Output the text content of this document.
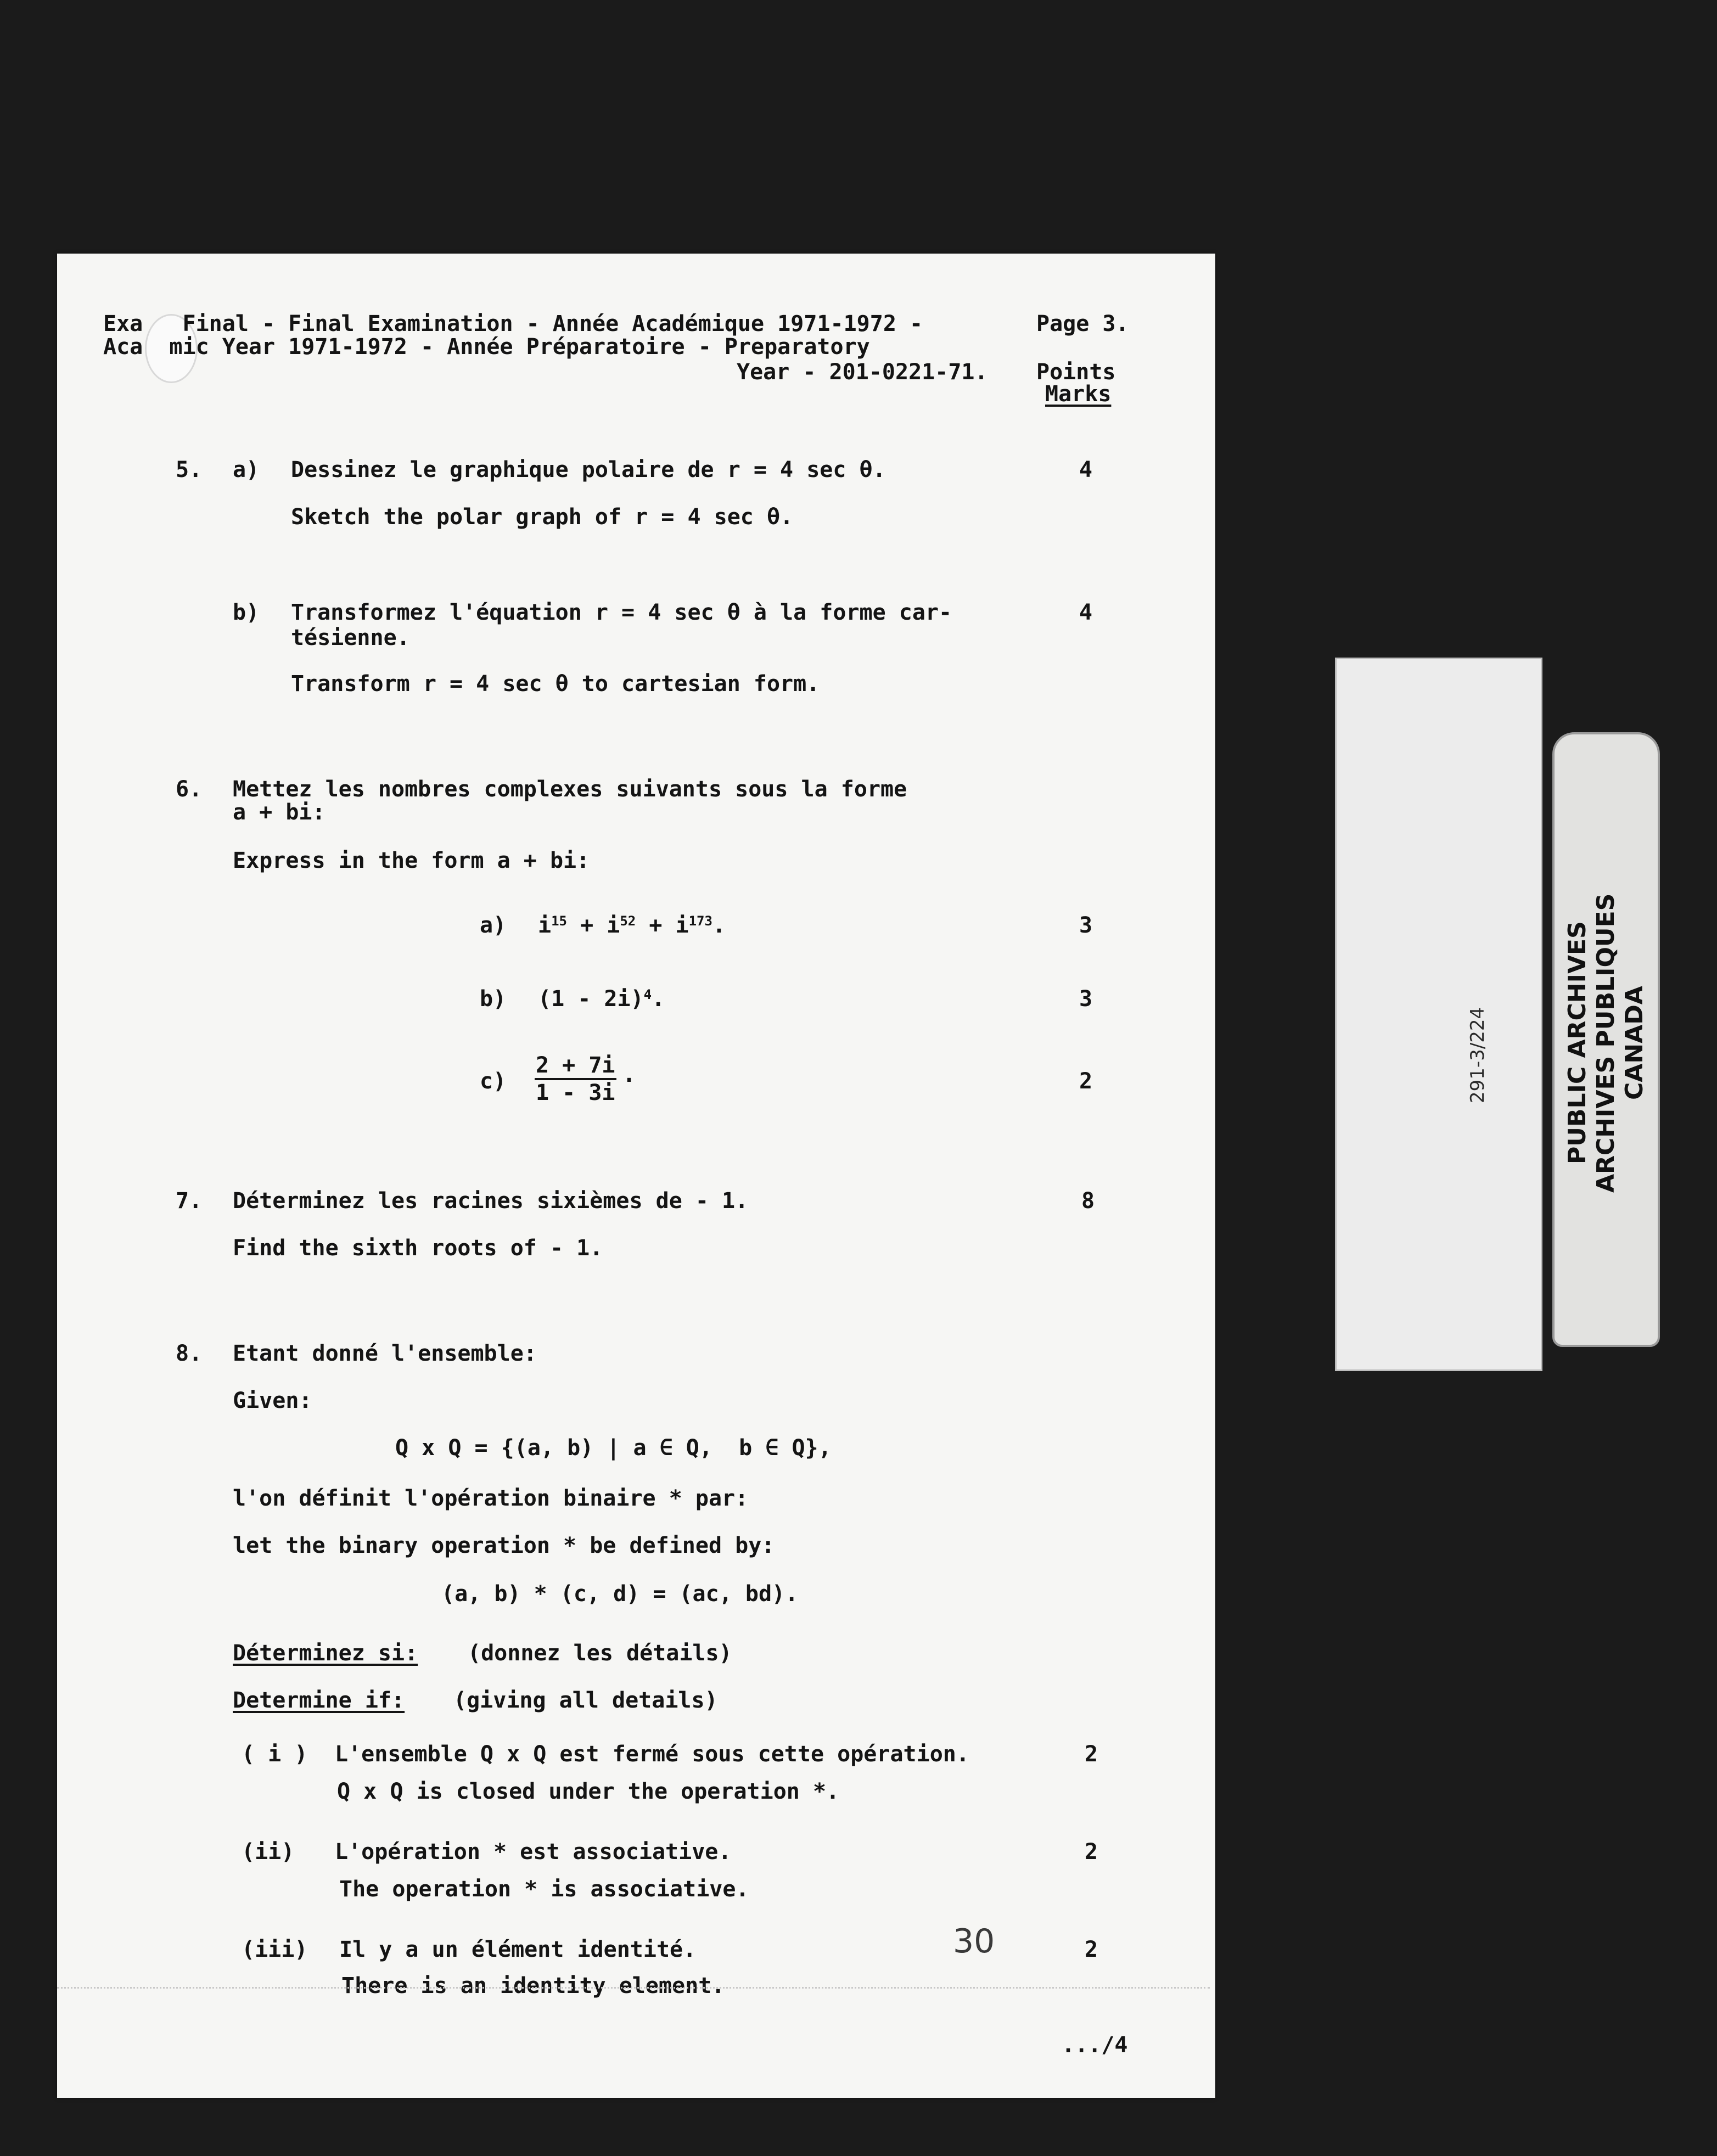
Exa   Final - Final Examination - Année Académique 1971-1972 -
Aca  mic Year 1971-1972 - Année Préparatoire - Preparatory
Year - 201-0221-71.
Page 3.
Points
Marks
5. a) Dessinez le graphique polaire de r = 4 sec θ.	4
Sketch the polar graph of r = 4 sec θ.
b) Transformez l'équation r = 4 sec θ à la forme car-
tésienne.
4
Transform r = 4 sec θ to cartesian form.
6. Mettez les nombres complexes suivants sous la forme
a + bi:
Express in the form a + bi:
a) $i^{15} + i^{52} + i^{173}$.	3
b) (1 - 2i)$^4$.	3
$c) \frac{2 + 7i}{1 - 3i}$ .	2
7. Déterminez les racines sixièmes de - 1.	8
Find the sixth roots of - 1.
8. Etant donné l'ensemble:
Given:
Q x Q = {(a, b) | a ∈ Q,  b ∈ Q},
l'on définit l'opération binaire * par:
let the binary operation * be defined by:
(a, b) * (c, d) = (ac, bd).
Déterminez si: (donnez les détails)
Determine if: (giving all details)
( i ) L'ensemble Q x Q est fermé sous cette opération.	2
Q x Q is closed under the operation *.
(ii) L'opération * est associative.	2
The operation * is associative.
(iii) Il y a un élément identité.	2
There is an identity element.
30
...∕4
291-3/224	PUBLIC ARCHIVES
ARCHIVES PUBLIQUES
CANADA
